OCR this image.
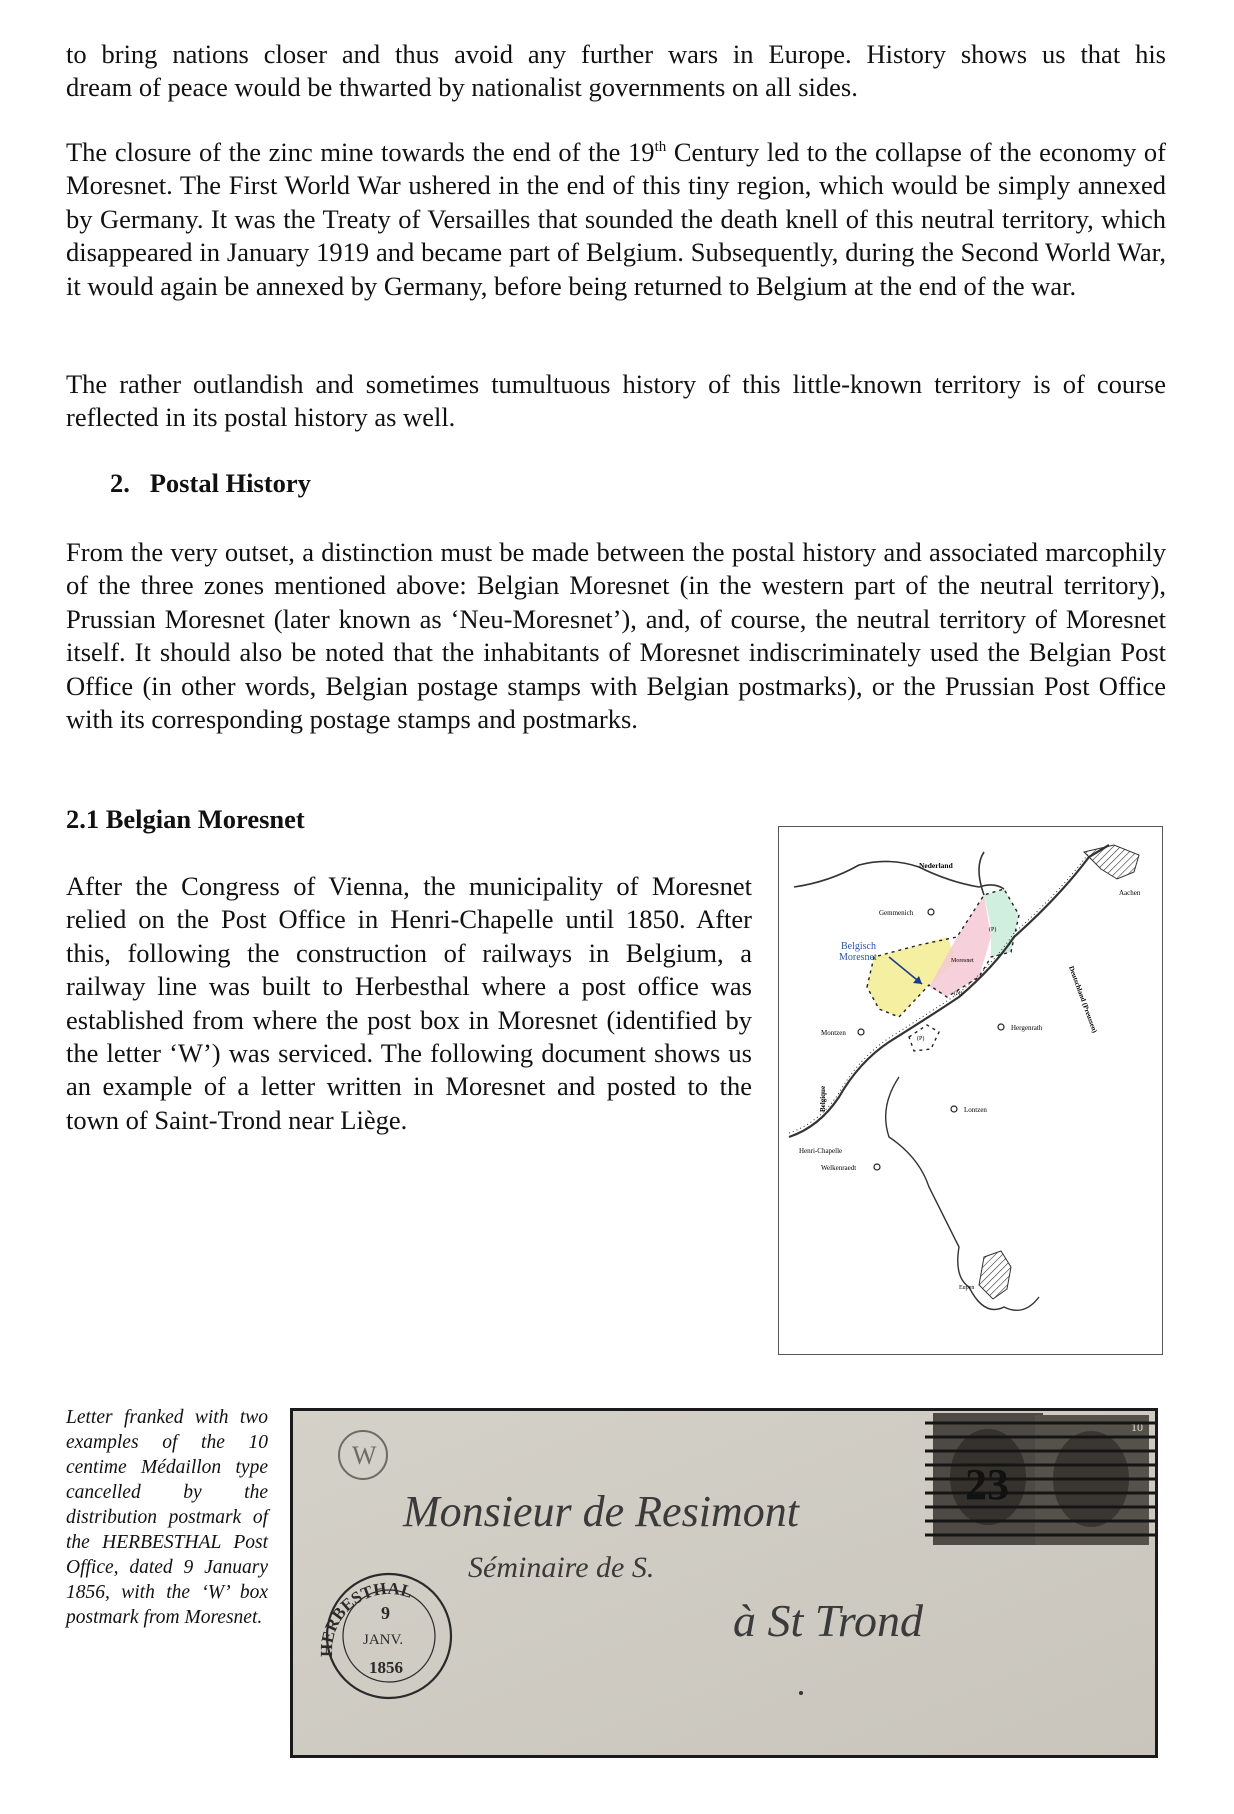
to bring nations closer and thus avoid any further wars in Europe. History shows us that his
dream of peace would be thwarted by nationalist governments on all sides.

The closure of the zinc mine towards the end of the 19th Century led to the collapse of the economy of Moresnet. The First World War ushered in the end of this tiny region, which would be simply annexed by Germany. It was the Treaty of Versailles that sounded the death knell of this neutral territory, which disappeared in January 1919 and became part of Belgium. Subsequently, during the Second World War, it would again be annexed by Germany, before being returned to Belgium at the end of the war.

The rather outlandish and sometimes tumultuous history of this little-known territory is of course reflected in its postal history as well.

2.   Postal History

From the very outset, a distinction must be made between the postal history and associated marcophily of the three zones mentioned above: Belgian Moresnet (in the western part of the neutral territory), Prussian Moresnet (later known as ‘Neu-Moresnet’), and, of course, the neutral territory of Moresnet itself. It should also be noted that the inhabitants of Moresnet indiscriminately used the Belgian Post Office (in other words, Belgian postage stamps with Belgian postmarks), or the Prussian Post Office with its corresponding postage stamps and postmarks.

2.1 Belgian Moresnet

After the Congress of Vienna, the municipality of Moresnet relied on the Post Office in Henri-Chapelle until 1850. After this, following the construction of railways in Belgium, a railway line was built to Herbesthal where a post office was established from where the post box in Moresnet (identified by the letter ‘W’) was serviced. The following document shows us an example of a letter written in Moresnet and posted to the town of Saint-Trond near Liège.

Nederland
Aachen
Gemmenich
Belgisch
Moresnet	Moresnet
(P)
(N)
(P)
Montzen
Hergenrath
Henri-Chapelle
Lontzen
Welkenraedt
Eupen
Belgique
Deutschland (Preussen)

Letter franked with two examples of the 10 centime Médaillon type cancelled by the distribution postmark of the HERBESTHAL Post Office, dated 9 January 1856, with the ‘W’ box postmark from Moresnet.

W
HERBESTHAL
9
JANV.
1856
Monsieur de Resimont
Séminaire de S.
à St Trond
10
23
